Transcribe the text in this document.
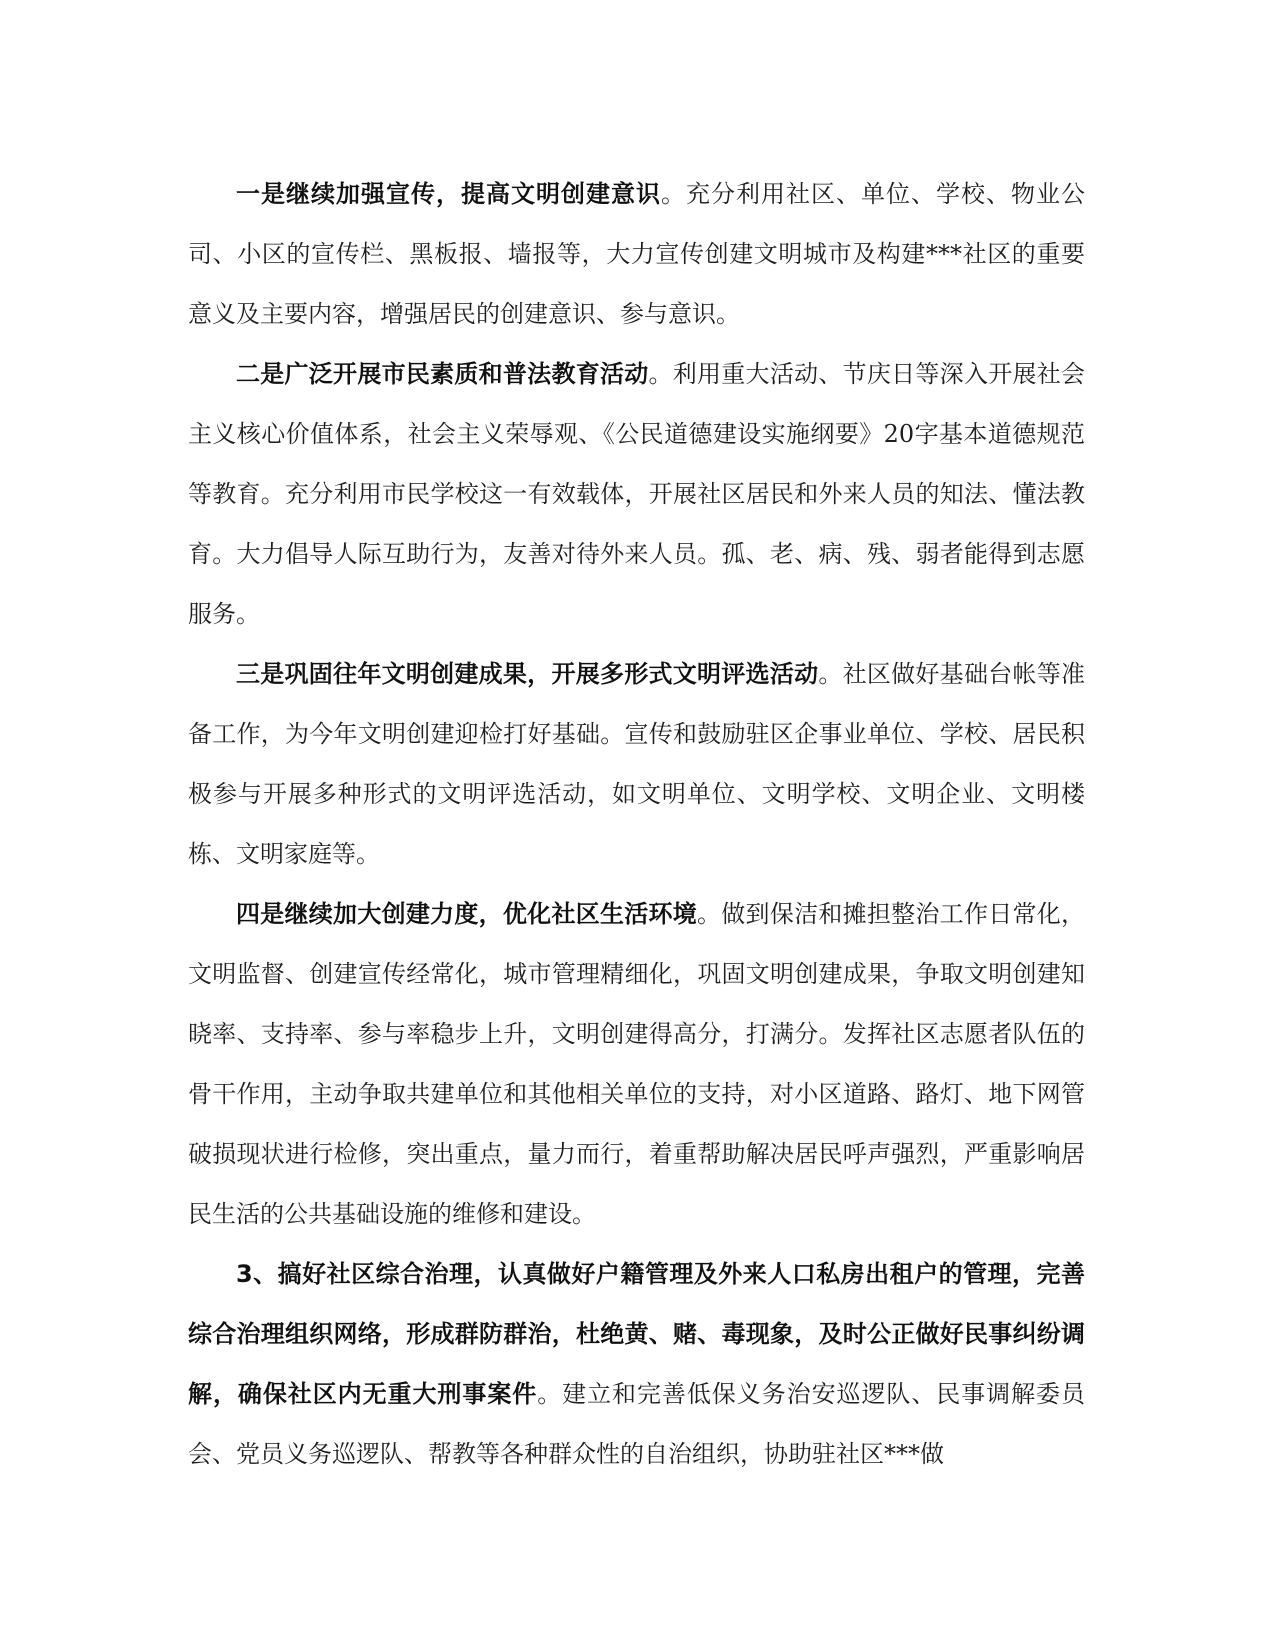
一是继续加强宣传，提高文明创建意识。充分利用社区、单位、学校、物业公司、小区的宣传栏、黑板报、墙报等，大力宣传创建文明城市及构建***社区的重要意义及主要内容，增强居民的创建意识、参与意识。

二是广泛开展市民素质和普法教育活动。利用重大活动、节庆日等深入开展社会主义核心价值体系，社会主义荣辱观、《公民道德建设实施纲要》20字基本道德规范等教育。充分利用市民学校这一有效载体，开展社区居民和外来人员的知法、懂法教育。大力倡导人际互助行为，友善对待外来人员。孤、老、病、残、弱者能得到志愿服务。

三是巩固往年文明创建成果，开展多形式文明评选活动。社区做好基础台帐等准备工作，为今年文明创建迎检打好基础。宣传和鼓励驻区企事业单位、学校、居民积极参与开展多种形式的文明评选活动，如文明单位、文明学校、文明企业、文明楼栋、文明家庭等。

四是继续加大创建力度，优化社区生活环境。做到保洁和摊担整治工作日常化，文明监督、创建宣传经常化，城市管理精细化，巩固文明创建成果，争取文明创建知晓率、支持率、参与率稳步上升，文明创建得高分，打满分。发挥社区志愿者队伍的骨干作用，主动争取共建单位和其他相关单位的支持，对小区道路、路灯、地下网管破损现状进行检修，突出重点，量力而行，着重帮助解决居民呼声强烈，严重影响居民生活的公共基础设施的维修和建设。

3、搞好社区综合治理，认真做好户籍管理及外来人口私房出租户的管理，完善综合治理组织网络，形成群防群治，杜绝黄、赌、毒现象，及时公正做好民事纠纷调解，确保社区内无重大刑事案件。建立和完善低保义务治安巡逻队、民事调解委员会、党员义务巡逻队、帮教等各种群众性的自治组织，协助驻社区***做
